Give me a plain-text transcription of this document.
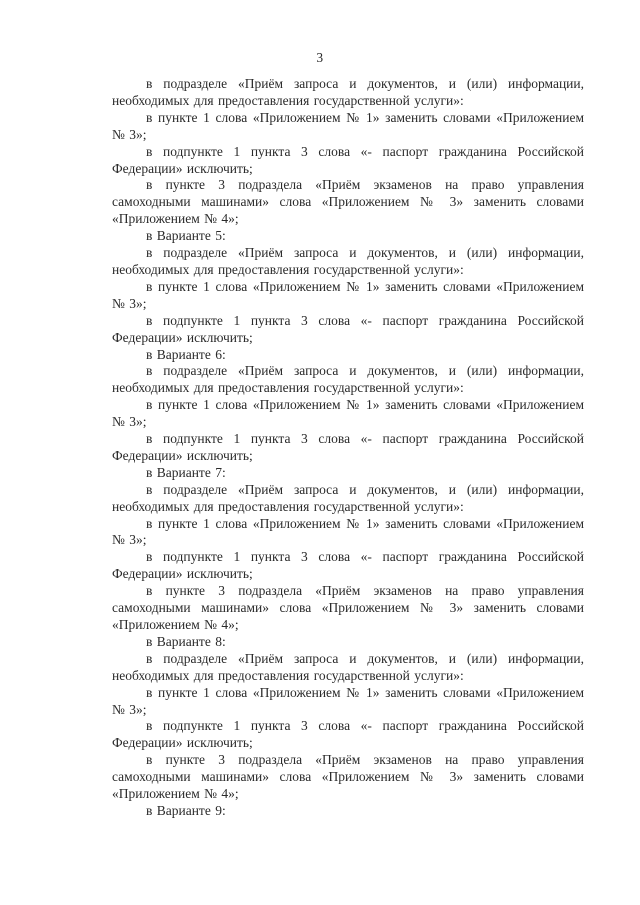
3

в подразделе «Приём запроса и документов, и (или) информации, необходимых для предоставления государственной услуги»:

в пункте 1 слова «Приложением № 1» заменить словами «Приложением № 3»;

в подпункте 1 пункта 3 слова «- паспорт гражданина Российской Федерации» исключить;

в пункте 3 подраздела «Приём экзаменов на право управления самоходными машинами» слова «Приложением № 3» заменить словами «Приложением № 4»;

в Варианте 5:

в подразделе «Приём запроса и документов, и (или) информации, необходимых для предоставления государственной услуги»:

в пункте 1 слова «Приложением № 1» заменить словами «Приложением № 3»;

в подпункте 1 пункта 3 слова «- паспорт гражданина Российской Федерации» исключить;

в Варианте 6:

в подразделе «Приём запроса и документов, и (или) информации, необходимых для предоставления государственной услуги»:

в пункте 1 слова «Приложением № 1» заменить словами «Приложением № 3»;

в подпункте 1 пункта 3 слова «- паспорт гражданина Российской Федерации» исключить;

в Варианте 7:

в подразделе «Приём запроса и документов, и (или) информации, необходимых для предоставления государственной услуги»:

в пункте 1 слова «Приложением № 1» заменить словами «Приложением № 3»;

в подпункте 1 пункта 3 слова «- паспорт гражданина Российской Федерации» исключить;

в пункте 3 подраздела «Приём экзаменов на право управления самоходными машинами» слова «Приложением № 3» заменить словами «Приложением № 4»;

в Варианте 8:

в подразделе «Приём запроса и документов, и (или) информации, необходимых для предоставления государственной услуги»:

в пункте 1 слова «Приложением № 1» заменить словами «Приложением № 3»;

в подпункте 1 пункта 3 слова «- паспорт гражданина Российской Федерации» исключить;

в пункте 3 подраздела «Приём экзаменов на право управления самоходными машинами» слова «Приложением № 3» заменить словами «Приложением № 4»;

в Варианте 9:
